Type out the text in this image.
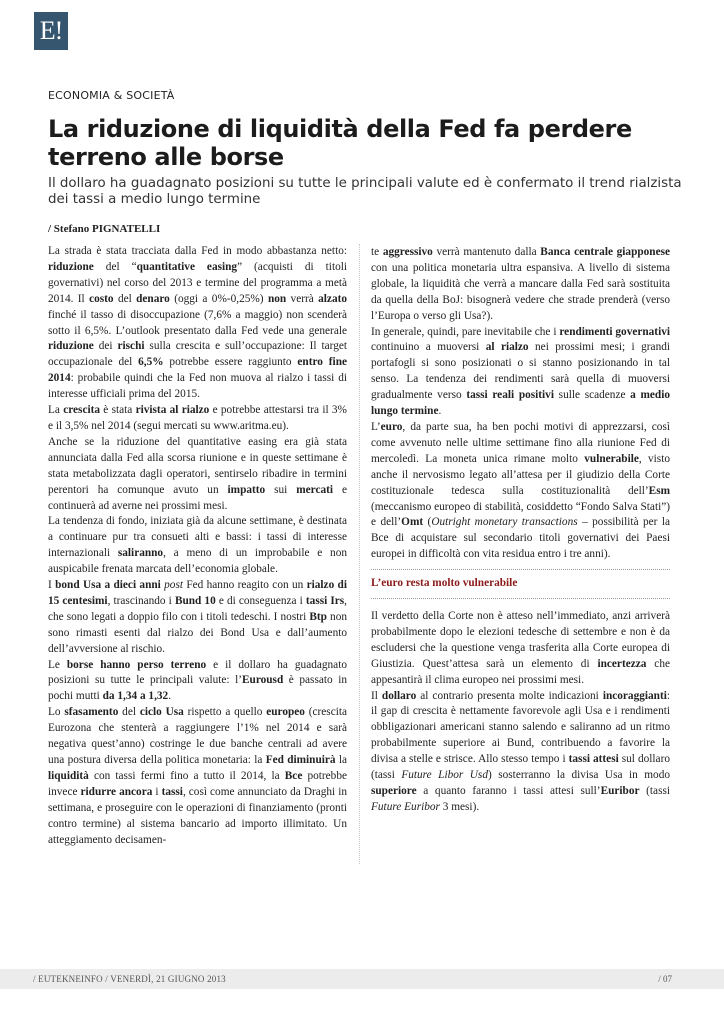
E!
ECONOMIA & SOCIETÀ
La riduzione di liquidità della Fed fa perdere terreno alle borse
Il dollaro ha guadagnato posizioni su tutte le principali valute ed è confermato il trend rialzista dei tassi a medio lungo termine
/ Stefano PIGNATELLI

La strada è stata tracciata dalla Fed in modo abbastanza netto: riduzione del “quantitative easing” (acquisti di titoli governativi) nel corso del 2013 e termine del programma a metà 2014. Il costo del denaro (oggi a 0%-0,25%) non verrà alzato finché il tasso di disoccupazione (7,6% a maggio) non scenderà sotto il 6,5%. L’outlook presentato dalla Fed vede una generale riduzione dei rischi sulla crescita e sull’occupazione: Il target occupazionale del 6,5% potrebbe essere raggiunto entro fine 2014: probabile quindi che la Fed non muova al rialzo i tassi di interesse ufficiali prima del 2015.

La crescita è stata rivista al rialzo e potrebbe attestarsi tra il 3% e il 3,5% nel 2014 (segui mercati su www.aritma.eu).

Anche se la riduzione del quantitative easing era già stata annunciata dalla Fed alla scorsa riunione e in queste settimane è stata metabolizzata dagli operatori, sentirselo ribadire in termini perentori ha comunque avuto un impatto sui mercati e continuerà ad averne nei prossimi mesi.

La tendenza di fondo, iniziata già da alcune settimane, è destinata a continuare pur tra consueti alti e bassi: i tassi di interesse internazionali saliranno, a meno di un improbabile e non auspicabile frenata marcata dell’economia globale.

I bond Usa a dieci anni post Fed hanno reagito con un rialzo di 15 centesimi, trascinando i Bund 10 e di conseguenza i tassi Irs, che sono legati a doppio filo con i titoli tedeschi. I nostri Btp non sono rimasti esenti dal rialzo dei Bond Usa e dall’aumento dell’avversione al rischio.

Le borse hanno perso terreno e il dollaro ha guadagnato posizioni su tutte le principali valute: l’Eurousd è passato in pochi mutti da 1,34 a 1,32.

Lo sfasamento del ciclo Usa rispetto a quello europeo (crescita Eurozona che stenterà a raggiungere l’1% nel 2014 e sarà negativa quest’anno) costringe le due banche centrali ad avere una postura diversa della politica monetaria: la Fed diminuirà la liquidità con tassi fermi fino a tutto il 2014, la Bce potrebbe invece ridurre ancora i tassi, così come annunciato da Draghi in settimana, e proseguire con le operazioni di finanziamento (pronti contro termine) al sistema bancario ad importo illimitato. Un atteggiamento decisamen-

te aggressivo verrà mantenuto dalla Banca centrale giapponese con una politica monetaria ultra espansiva. A livello di sistema globale, la liquidità che verrà a mancare dalla Fed sarà sostituita da quella della BoJ: bisognerà vedere che strade prenderà (verso l’Europa o verso gli Usa?).

In generale, quindi, pare inevitabile che i rendimenti governativi continuino a muoversi al rialzo nei prossimi mesi; i grandi portafogli si sono posizionati o si stanno posizionando in tal senso. La tendenza dei rendimenti sarà quella di muoversi gradualmente verso tassi reali positivi sulle scadenze a medio lungo termine.

L’euro, da parte sua, ha ben pochi motivi di apprezzarsi, così come avvenuto nelle ultime settimane fino alla riunione Fed di mercoledì. La moneta unica rimane molto vulnerabile, visto anche il nervosismo legato all’attesa per il giudizio della Corte costituzionale tedesca sulla costituzionalità dell’Esm (meccanismo europeo di stabilità, cosiddetto “Fondo Salva Stati”) e dell’Omt (Outright monetary transactions – possibilità per la Bce di acquistare sul secondario titoli governativi dei Paesi europei in difficoltà con vita residua entro i tre anni).

L’euro resta molto vulnerabile

Il verdetto della Corte non è atteso nell’immediato, anzi arriverà probabilmente dopo le elezioni tedesche di settembre e non è da escludersi che la questione venga trasferita alla Corte europea di Giustizia. Quest’attesa sarà un elemento di incertezza che appesantirà il clima europeo nei prossimi mesi.

Il dollaro al contrario presenta molte indicazioni incoraggianti: il gap di crescita è nettamente favorevole agli Usa e i rendimenti obbligazionari americani stanno salendo e saliranno ad un ritmo probabilmente superiore ai Bund, contribuendo a favorire la divisa a stelle e strisce. Allo stesso tempo i tassi attesi sul dollaro (tassi Future Libor Usd) sosterranno la divisa Usa in modo superiore a quanto faranno i tassi attesi sull’Euribor (tassi Future Euribor 3 mesi).

/ EUTEKNEINFO / VENERDÌ, 21 GIUGNO 2013	/ 07
